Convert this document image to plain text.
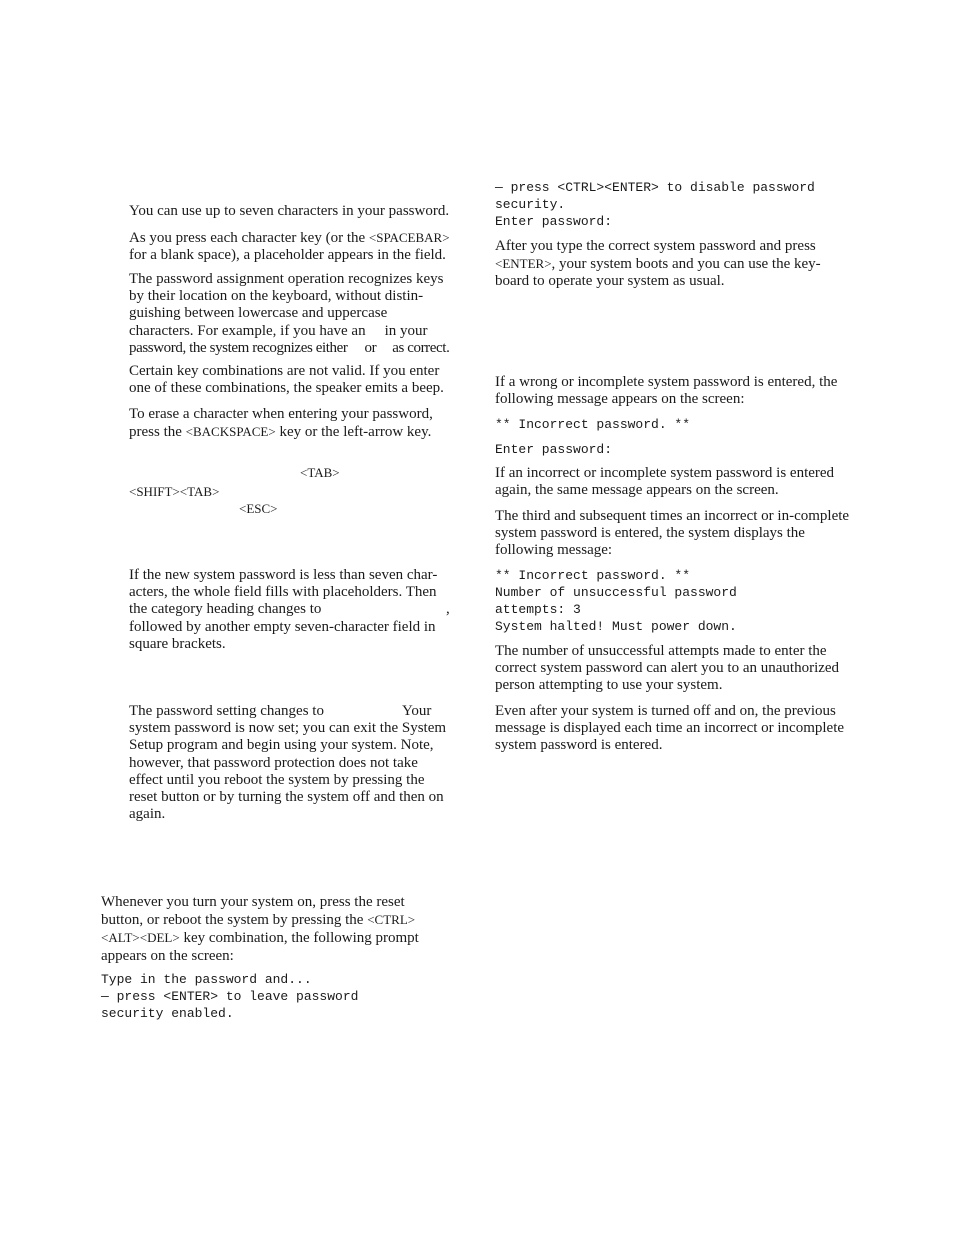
You can use up to seven characters in your password.

As you press each character key (or the <SPACEBAR> for a blank space), a placeholder appears in the field.

The password assignment operation recognizes keys
by their location on the keyboard, without distin-
guishing between lowercase and uppercase
characters. For example, if you have an in your
password, the system recognizes either or as correct.

Certain key combinations are not valid. If you enter one of these combinations, the speaker emits a beep.

To erase a character when entering your password, press the <BACKSPACE> key or the left-arrow key.

<TAB>
<SHIFT><TAB>
<ESC>
If the new system password is less than seven char-
acters, the whole field fills with placeholders. Then
the category heading changes to	,
followed by another empty seven-character field in
square brackets.
The password setting changes to	Your
system password is now set; you can exit the System
Setup program and begin using your system. Note,
however, that password protection does not take
effect until you reboot the system by pressing the
reset button or by turning the system off and then on
again.

Whenever you turn your system on, press the reset button, or reboot the system by pressing the <CTRL><ALT><DEL> key combination, the following prompt appears on the screen:

Type in the password and...
— press <ENTER> to leave password
security enabled.
— press <CTRL><ENTER> to disable password
security.
Enter password:

After you type the correct system password and press <ENTER>, your system boots and you can use the key-board to operate your system as usual.

If a wrong or incomplete system password is entered, the following message appears on the screen:

** Incorrect password. **
Enter password:

If an incorrect or incomplete system password is entered again, the same message appears on the screen.

The third and subsequent times an incorrect or in-complete system password is entered, the system displays the following message:

** Incorrect password. **
Number of unsuccessful password
attempts: 3
System halted! Must power down.

The number of unsuccessful attempts made to enter the correct system password can alert you to an unauthorized person attempting to use your system.

Even after your system is turned off and on, the previous message is displayed each time an incorrect or incomplete system password is entered.
